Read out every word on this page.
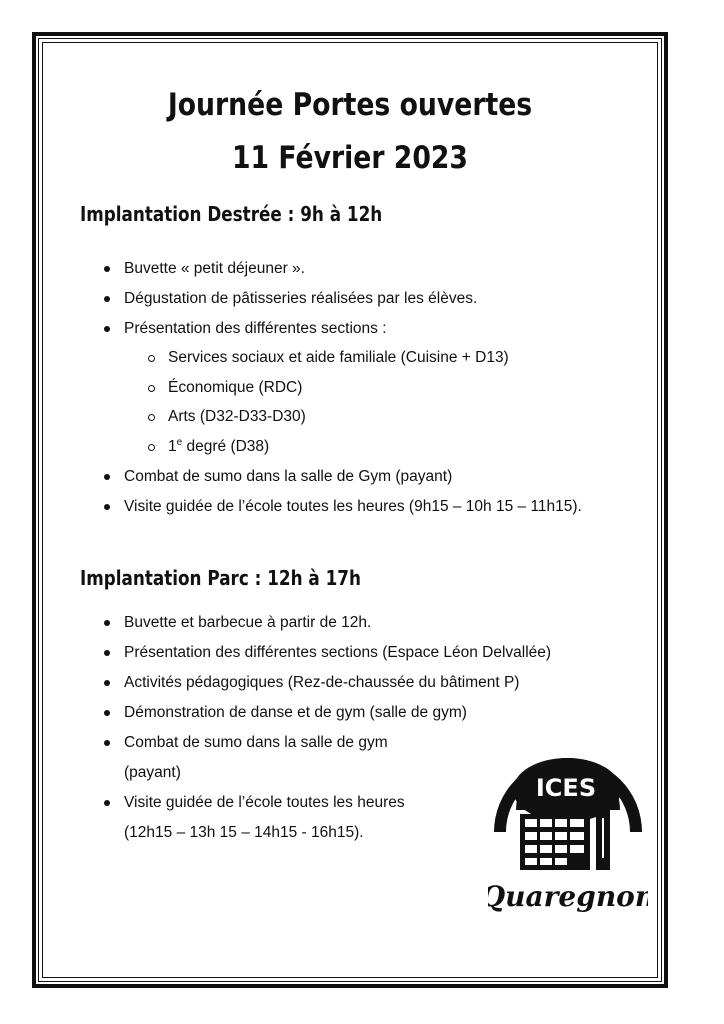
Journée Portes ouvertes
11 Février 2023
Implantation Destrée : 9h à 12h
Buvette « petit déjeuner ».
Dégustation de pâtisseries réalisées par les élèves.
Présentation des différentes sections :
Services sociaux et aide familiale (Cuisine + D13)
Économique (RDC)
Arts (D32-D33-D30)
1e degré (D38)
Combat de sumo dans la salle de Gym (payant)
Visite guidée de l’école toutes les heures (9h15 – 10h 15 – 11h15).
Implantation Parc : 12h à 17h
Buvette et barbecue à partir de 12h.
Présentation des différentes sections (Espace Léon Delvallée)
Activités pédagogiques (Rez-de-chaussée du bâtiment P)
Démonstration de danse et de gym (salle de gym)
Combat de sumo dans la salle de gym
(payant)
Visite guidée de l’école toutes les heures
(12h15 – 13h 15 – 14h15 - 16h15).
ICES
Quaregnon
